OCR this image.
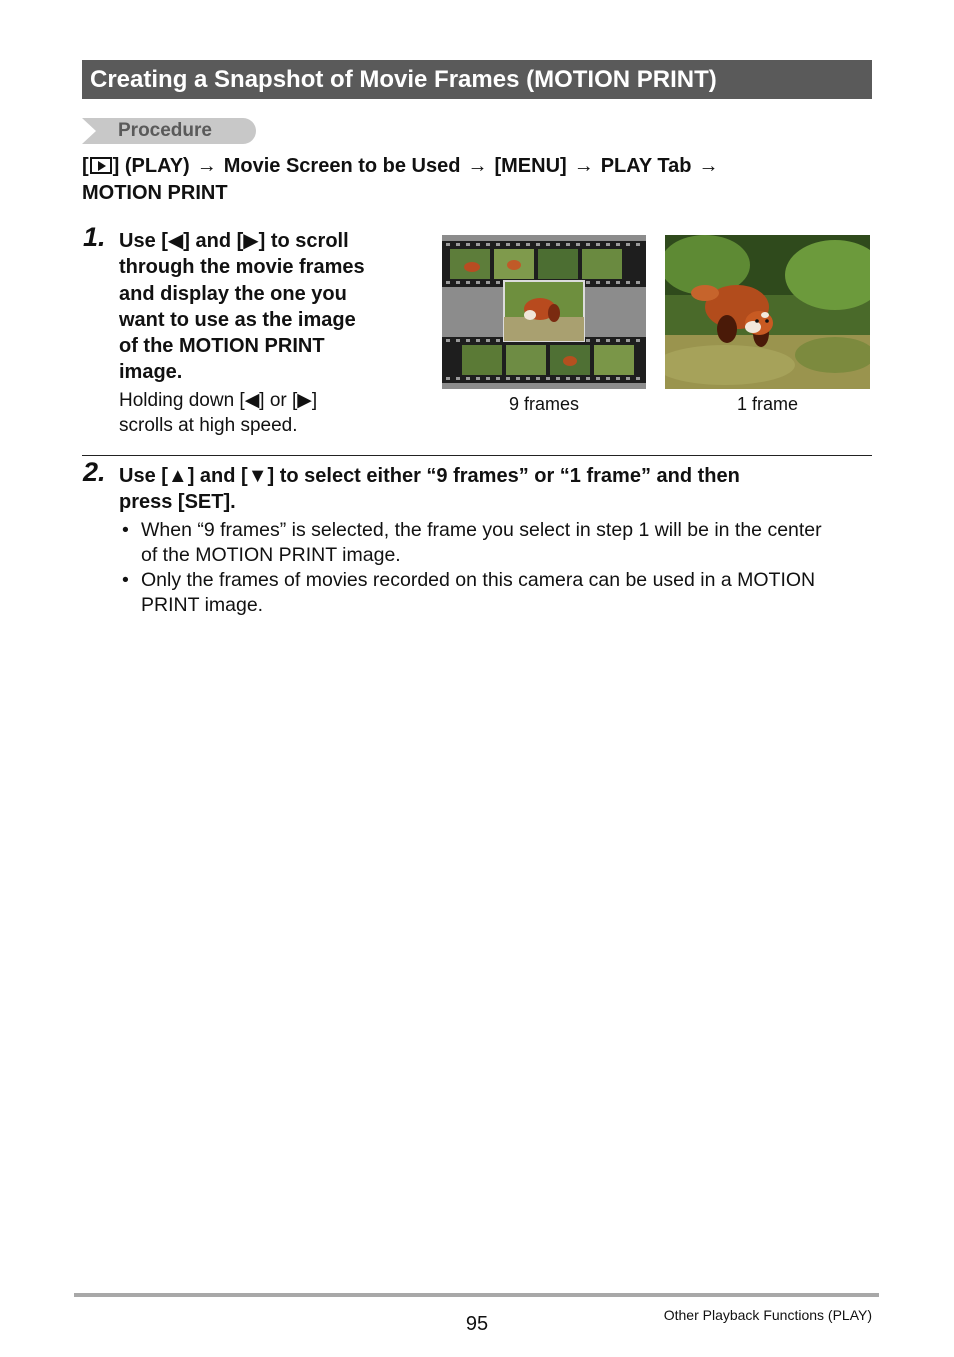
Creating a Snapshot of Movie Frames (MOTION PRINT)
Procedure
[ ] (PLAY) → Movie Screen to be Used → [MENU] → PLAY Tab →
MOTION PRINT
1. Use [◀] and [▶] to scroll
through the movie frames
and display the one you
want to use as the image
of the MOTION PRINT
image.
Holding down [◀] or [▶]
scrolls at high speed.
9 frames	1 frame
2. Use [▲] and [▼] to select either “9 frames” or “1 frame” and then
press [SET].
• When “9 frames” is selected, the frame you select in step 1 will be in the center
of the MOTION PRINT image.
• Only the frames of movies recorded on this camera can be used in a MOTION
PRINT image.
95	Other Playback Functions (PLAY)
